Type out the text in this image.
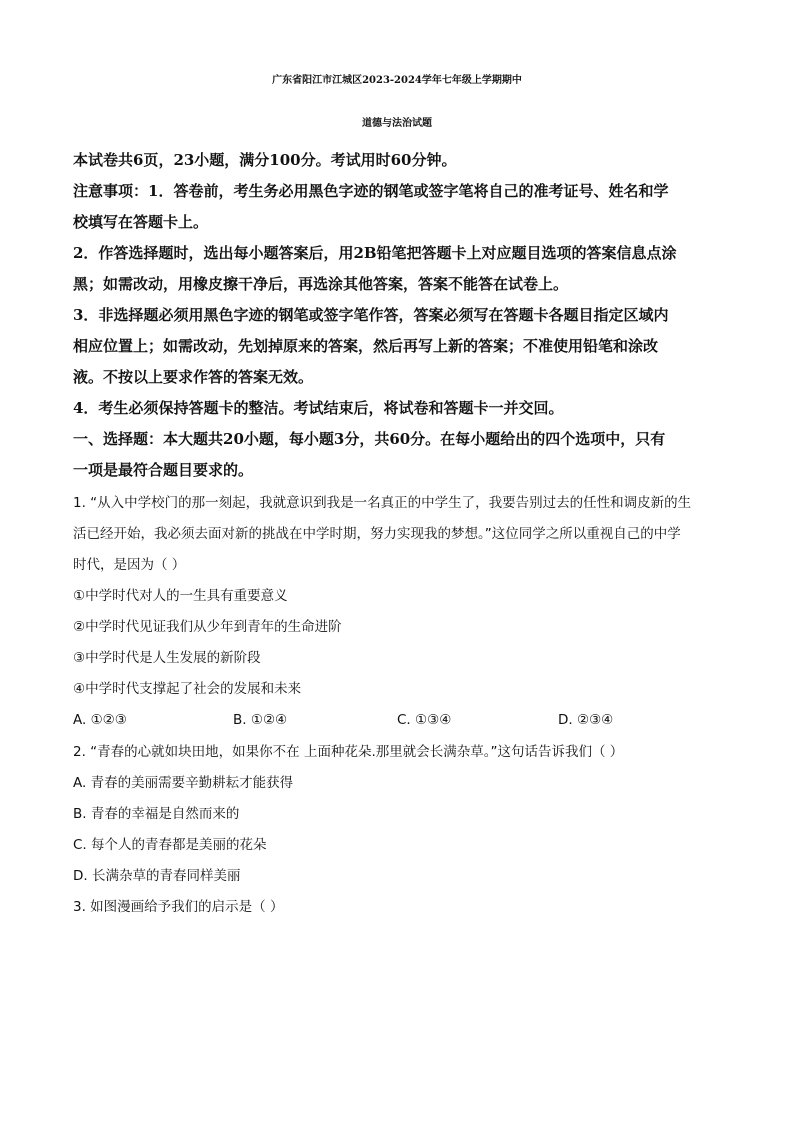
广东省阳江市江城区2023-2024学年七年级上学期期中
道德与法治试题
本试卷共6页，23小题，满分100分。考试用时60分钟。
注意事项：1．答卷前，考生务必用黑色字迹的钢笔或签字笔将自己的准考证号、姓名和学
校填写在答题卡上。
2．作答选择题时，选出每小题答案后，用2B铅笔把答题卡上对应题目选项的答案信息点涂
黑；如需改动，用橡皮擦干净后，再选涂其他答案，答案不能答在试卷上。
3．非选择题必须用黑色字迹的钢笔或签字笔作答，答案必须写在答题卡各题目指定区域内
相应位置上；如需改动，先划掉原来的答案，然后再写上新的答案；不准使用铅笔和涂改
液。不按以上要求作答的答案无效。
4．考生必须保持答题卡的整洁。考试结束后，将试卷和答题卡一并交回。
一、选择题：本大题共20小题，每小题3分，共60分。在每小题给出的四个选项中，只有
一项是最符合题目要求的。
1. “从入中学校门的那一刻起，我就意识到我是一名真正的中学生了，我要告别过去的任性和调皮新的生
活已经开始，我必须去面对新的挑战在中学时期，努力实现我的梦想。”这位同学之所以重视自己的中学
时代，是因为（ ）
①中学时代对人的一生具有重要意义
②中学时代见证我们从少年到青年的生命进阶
③中学时代是人生发展的新阶段
④中学时代支撑起了社会的发展和未来
A. ①②③	B. ①②④	C. ①③④	D. ②③④
2. “青春的心就如块田地，如果你不在 上面种花朵.那里就会长满杂草。”这句话告诉我们（ ）
A. 青春的美丽需要辛勤耕耘才能获得
B. 青春的幸福是自然而来的
C. 每个人的青春都是美丽的花朵
D. 长满杂草的青春同样美丽
3. 如图漫画给予我们的启示是（ ）
